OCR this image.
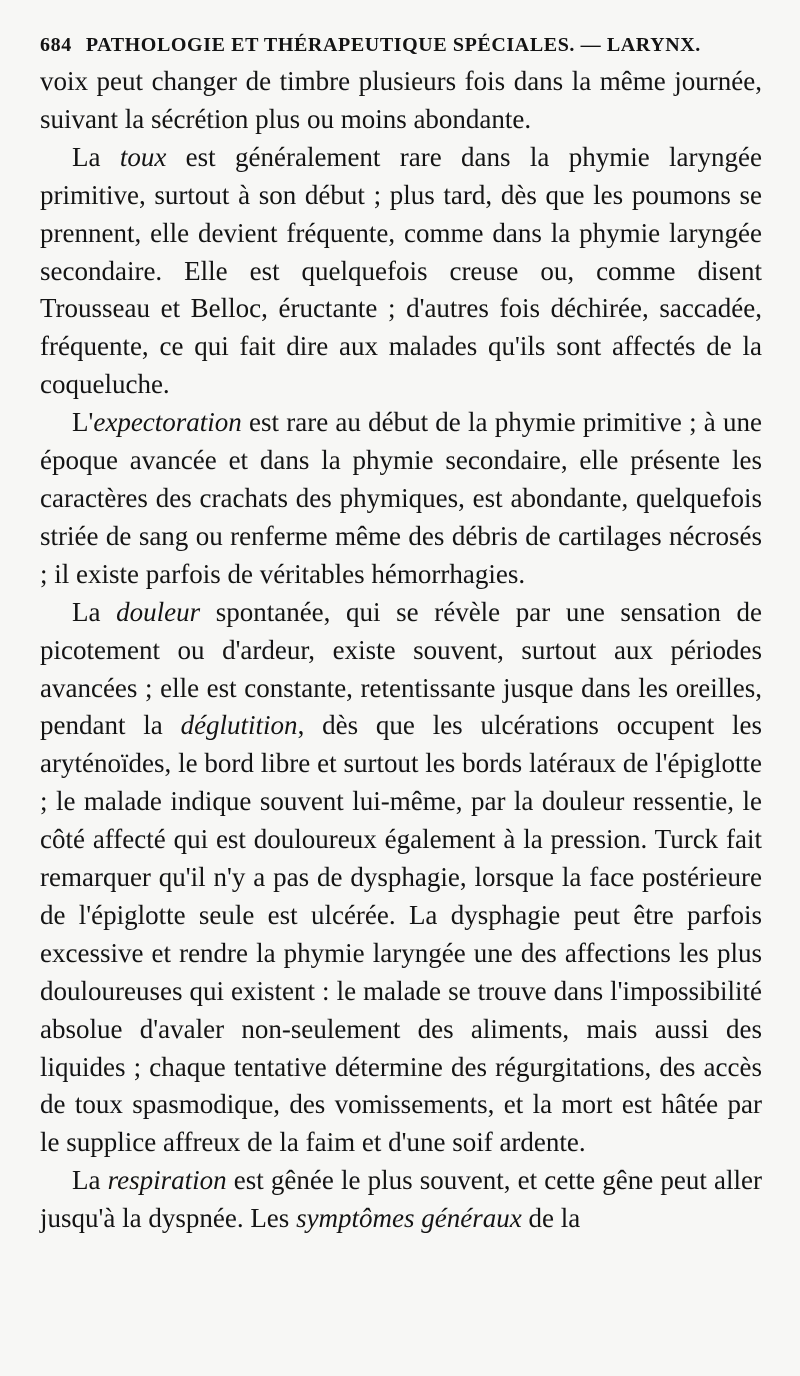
684 PATHOLOGIE ET THÉRAPEUTIQUE SPÉCIALES. — LARYNX.

voix peut changer de timbre plusieurs fois dans la même journée, suivant la sécrétion plus ou moins abondante.

La toux est généralement rare dans la phymie laryngée primitive, surtout à son début ; plus tard, dès que les poumons se prennent, elle devient fréquente, comme dans la phymie laryngée secondaire. Elle est quelquefois creuse ou, comme disent Trousseau et Belloc, éructante ; d'autres fois déchirée, saccadée, fréquente, ce qui fait dire aux malades qu'ils sont affectés de la coqueluche.

L'expectoration est rare au début de la phymie primitive ; à une époque avancée et dans la phymie secondaire, elle présente les caractères des crachats des phymiques, est abondante, quelquefois striée de sang ou renferme même des débris de cartilages nécrosés ; il existe parfois de véritables hémorrhagies.

La douleur spontanée, qui se révèle par une sensation de picotement ou d'ardeur, existe souvent, surtout aux périodes avancées ; elle est constante, retentissante jusque dans les oreilles, pendant la déglutition, dès que les ulcérations occupent les aryténoïdes, le bord libre et surtout les bords latéraux de l'épiglotte ; le malade indique souvent lui-même, par la douleur ressentie, le côté affecté qui est douloureux également à la pression. Turck fait remarquer qu'il n'y a pas de dysphagie, lorsque la face postérieure de l'épiglotte seule est ulcérée. La dysphagie peut être parfois excessive et rendre la phymie laryngée une des affections les plus douloureuses qui existent : le malade se trouve dans l'impossibilité absolue d'avaler non-seulement des aliments, mais aussi des liquides ; chaque tentative détermine des régurgitations, des accès de toux spasmodique, des vomissements, et la mort est hâtée par le supplice affreux de la faim et d'une soif ardente.

La respiration est gênée le plus souvent, et cette gêne peut aller jusqu'à la dyspnée. Les symptômes généraux de la
